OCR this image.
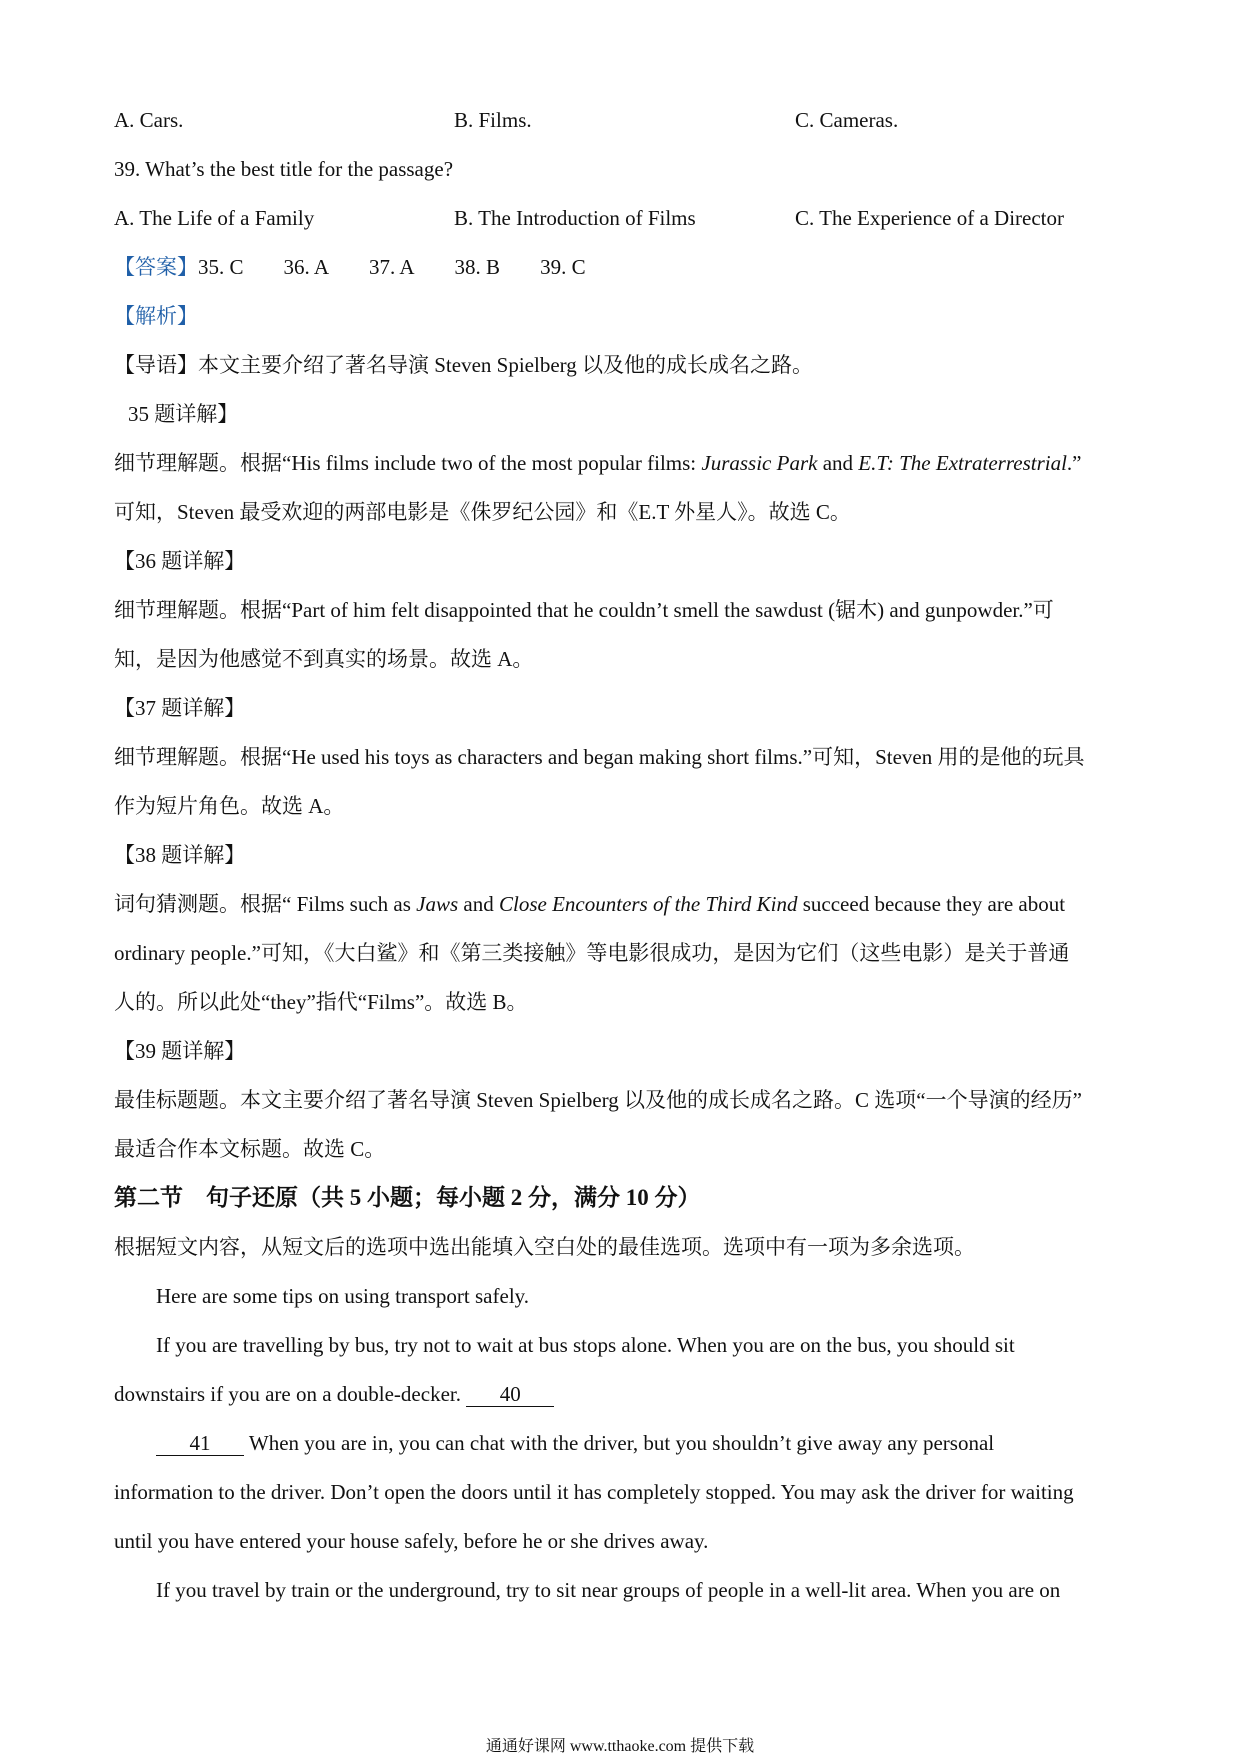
A. Cars.	B. Films.	C. Cameras.
39. What’s the best title for the passage?
A. The Life of a Family	B. The Introduction of Films	C. The Experience of a Director
【答案】35. C 36. A 37. A 38. B 39. C
【解析】
【导语】本文主要介绍了著名导演 Steven Spielberg 以及他的成长成名之路。
35 题详解】
细节理解题。根据“His films include two of the most popular films: Jurassic Park and E.T: The Extraterrestrial.”
可知，Steven 最受欢迎的两部电影是《侏罗纪公园》和《E.T 外星人》。故选 C。
【36 题详解】
细节理解题。根据“Part of him felt disappointed that he couldn’t smell the sawdust (锯木) and gunpowder.”可
知，是因为他感觉不到真实的场景。故选 A。
【37 题详解】
细节理解题。根据“He used his toys as characters and began making short films.”可知，Steven 用的是他的玩具
作为短片角色。故选 A。
【38 题详解】
词句猜测题。根据“ Films such as Jaws and Close Encounters of the Third Kind succeed because they are about
ordinary people.”可知，《大白鲨》和《第三类接触》等电影很成功，是因为它们（这些电影）是关于普通
人的。所以此处“they”指代“Films”。故选 B。
【39 题详解】
最佳标题题。本文主要介绍了著名导演 Steven Spielberg 以及他的成长成名之路。C 选项“一个导演的经历”
最适合作本文标题。故选 C。
第二节　句子还原（共 5 小题；每小题 2 分，满分 10 分）
根据短文内容，从短文后的选项中选出能填入空白处的最佳选项。选项中有一项为多余选项。
Here are some tips on using transport safely.
If you are travelling by bus, try not to wait at bus stops alone. When you are on the bus, you should sit
downstairs if you are on a double-decker. 40
41 When you are in, you can chat with the driver, but you shouldn’t give away any personal
information to the driver. Don’t open the doors until it has completely stopped. You may ask the driver for waiting
until you have entered your house safely, before he or she drives away.
If you travel by train or the underground, try to sit near groups of people in a well-lit area. When you are on
通通好课网 www.tthaoke.com 提供下载
